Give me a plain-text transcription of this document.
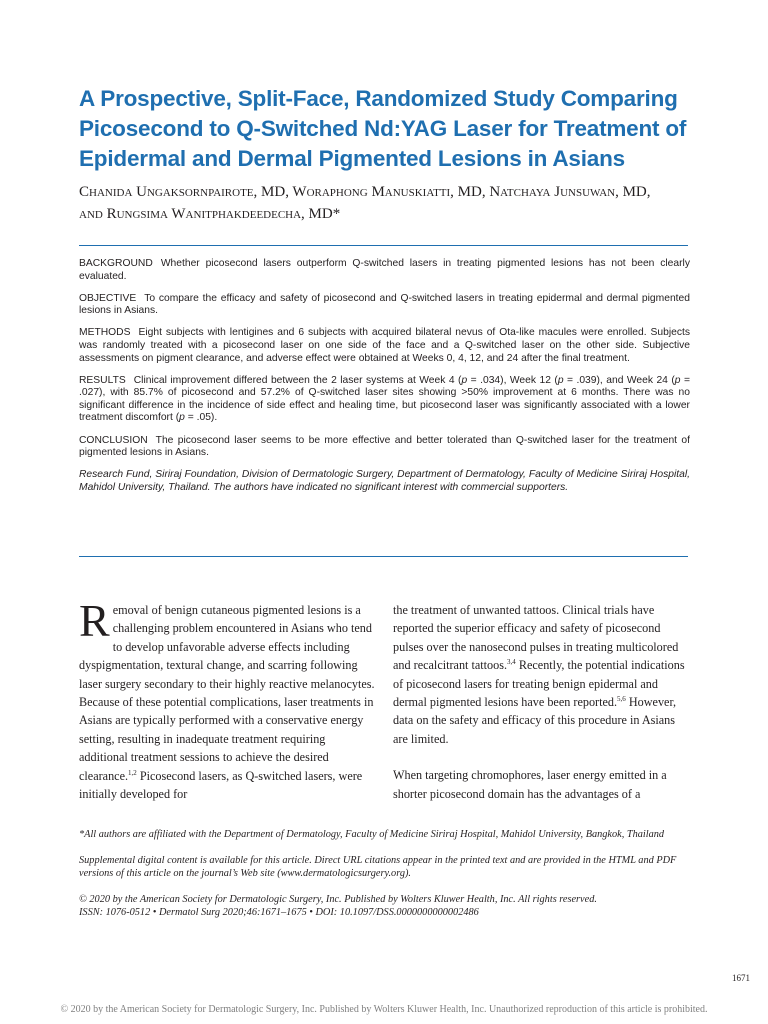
A Prospective, Split-Face, Randomized Study Comparing Picosecond to Q-Switched Nd:YAG Laser for Treatment of Epidermal and Dermal Pigmented Lesions in Asians
Chanida Ungaksornpairote, MD, Woraphong Manuskiatti, MD, Natchaya Junsuwan, MD,
and Rungsima Wanitphakdeedecha, MD*

BACKGROUND Whether picosecond lasers outperform Q-switched lasers in treating pigmented lesions has not been clearly evaluated.

OBJECTIVE To compare the efficacy and safety of picosecond and Q-switched lasers in treating epidermal and dermal pigmented lesions in Asians.

METHODS Eight subjects with lentigines and 6 subjects with acquired bilateral nevus of Ota-like macules were enrolled. Subjects was randomly treated with a picosecond laser on one side of the face and a Q-switched laser on the other side. Subjective assessments on pigment clearance, and adverse effect were obtained at Weeks 0, 4, 12, and 24 after the final treatment.

RESULTS Clinical improvement differed between the 2 laser systems at Week 4 (p = .034), Week 12 (p = .039), and Week 24 (p = .027), with 85.7% of picosecond and 57.2% of Q-switched laser sites showing >50% improvement at 6 months. There was no significant difference in the incidence of side effect and healing time, but picosecond laser was significantly associated with a lower treatment discomfort (p = .05).

CONCLUSION The picosecond laser seems to be more effective and better tolerated than Q-switched laser for the treatment of pigmented lesions in Asians.

Research Fund, Siriraj Foundation, Division of Dermatologic Surgery, Department of Dermatology, Faculty of Medicine Siriraj Hospital, Mahidol University, Thailand. The authors have indicated no significant interest with commercial supporters.

Removal of benign cutaneous pigmented lesions is a challenging problem encountered in Asians who tend to develop unfavorable adverse effects including dyspigmentation, textural change, and scarring following laser surgery secondary to their highly reactive melanocytes. Because of these potential complications, laser treatments in Asians are typically performed with a conservative energy setting, resulting in inadequate treatment requiring additional treatment sessions to achieve the desired clearance.$^{1,2}$ Picosecond lasers, as Q-switched lasers, were initially developed for

the treatment of unwanted tattoos. Clinical trials have reported the superior efficacy and safety of picosecond pulses over the nanosecond pulses in treating multicolored and recalcitrant tattoos.$^{3,4}$ Recently, the potential indications of picosecond lasers for treating benign epidermal and dermal pigmented lesions have been reported.$^{5,6}$ However, data on the safety and efficacy of this procedure in Asians are limited.

When targeting chromophores, laser energy emitted in a shorter picosecond domain has the advantages of a

*All authors are affiliated with the Department of Dermatology, Faculty of Medicine Siriraj Hospital, Mahidol University, Bangkok, Thailand

Supplemental digital content is available for this article. Direct URL citations appear in the printed text and are provided in the HTML and PDF versions of this article on the journal’s Web site (www.dermatologicsurgery.org).

© 2020 by the American Society for Dermatologic Surgery, Inc. Published by Wolters Kluwer Health, Inc. All rights reserved.

ISSN: 1076-0512 • Dermatol Surg 2020;46:1671–1675 • DOI: 10.1097/DSS.0000000000002486

1671
© 2020 by the American Society for Dermatologic Surgery, Inc. Published by Wolters Kluwer Health, Inc. Unauthorized reproduction of this article is prohibited.
